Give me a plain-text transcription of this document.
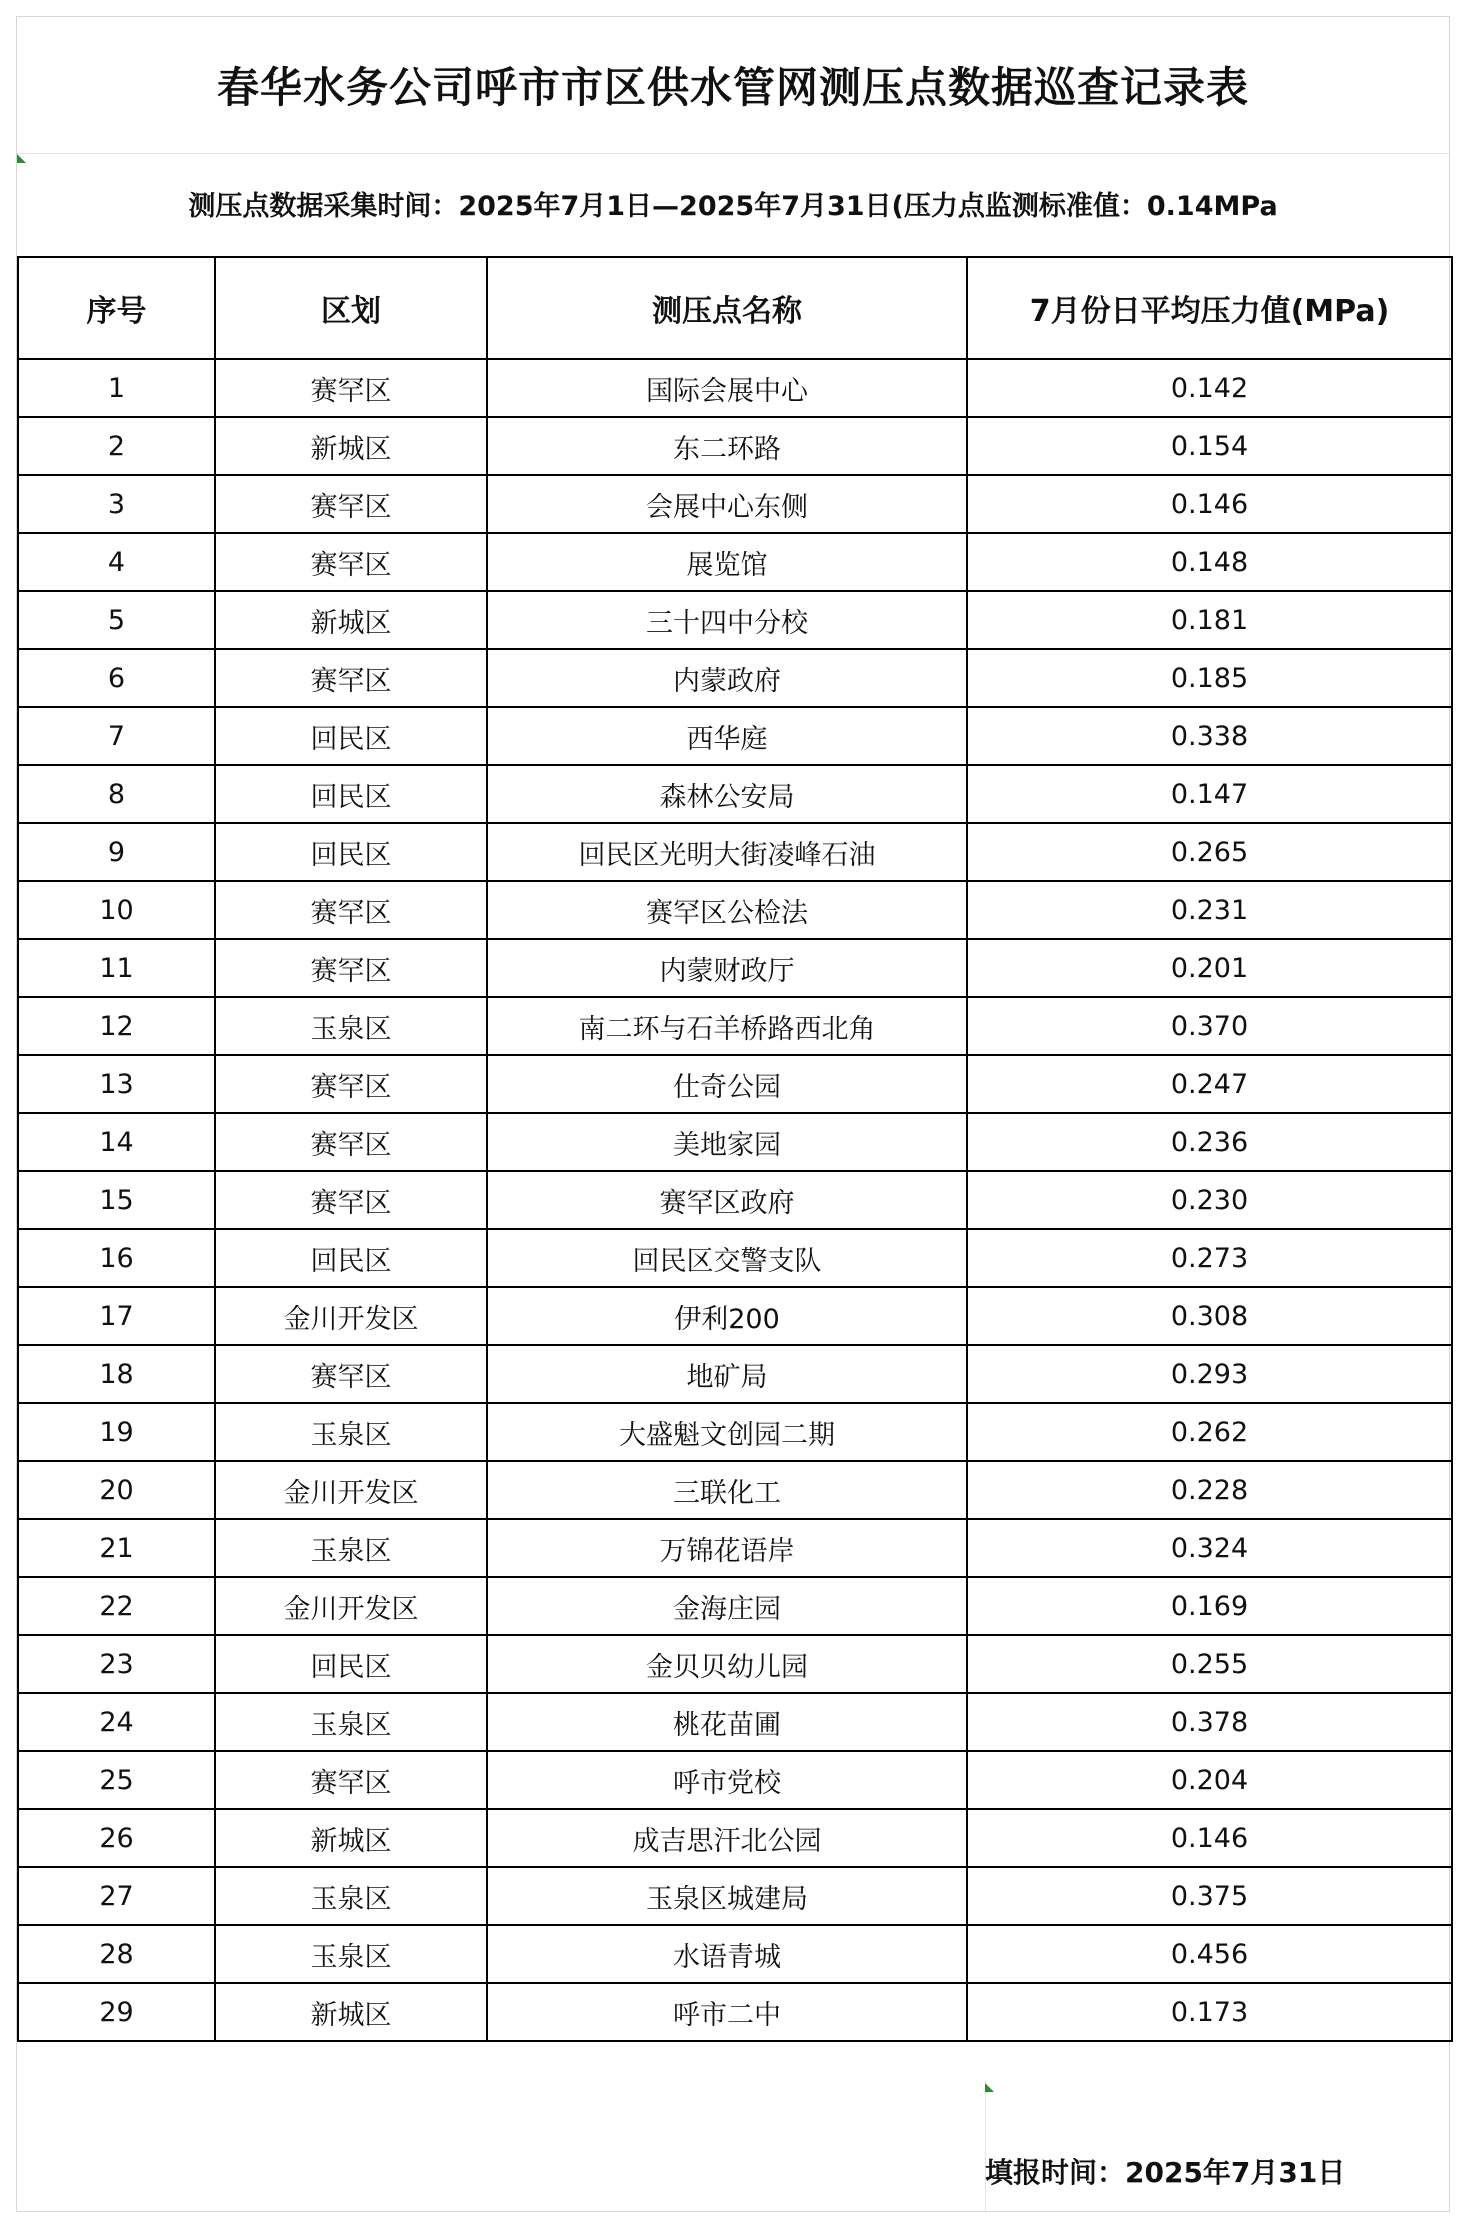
春华水务公司呼市市区供水管网测压点数据巡查记录表
测压点数据采集时间：2025年7月1日—2025年7月31日(压力点监测标准值：0.14MPa
序号	区划	测压点名称	7月份日平均压力值(MPa)
1	赛罕区	国际会展中心	0.142
2	新城区	东二环路	0.154
3	赛罕区	会展中心东侧	0.146
4	赛罕区	展览馆	0.148
5	新城区	三十四中分校	0.181
6	赛罕区	内蒙政府	0.185
7	回民区	西华庭	0.338
8	回民区	森林公安局	0.147
9	回民区	回民区光明大街凌峰石油	0.265
10	赛罕区	赛罕区公检法	0.231
11	赛罕区	内蒙财政厅	0.201
12	玉泉区	南二环与石羊桥路西北角	0.370
13	赛罕区	仕奇公园	0.247
14	赛罕区	美地家园	0.236
15	赛罕区	赛罕区政府	0.230
16	回民区	回民区交警支队	0.273
17	金川开发区	伊利200	0.308
18	赛罕区	地矿局	0.293
19	玉泉区	大盛魁文创园二期	0.262
20	金川开发区	三联化工	0.228
21	玉泉区	万锦花语岸	0.324
22	金川开发区	金海庄园	0.169
23	回民区	金贝贝幼儿园	0.255
24	玉泉区	桃花苗圃	0.378
25	赛罕区	呼市党校	0.204
26	新城区	成吉思汗北公园	0.146
27	玉泉区	玉泉区城建局	0.375
28	玉泉区	水语青城	0.456
29	新城区	呼市二中	0.173
填报时间：2025年7月31日
